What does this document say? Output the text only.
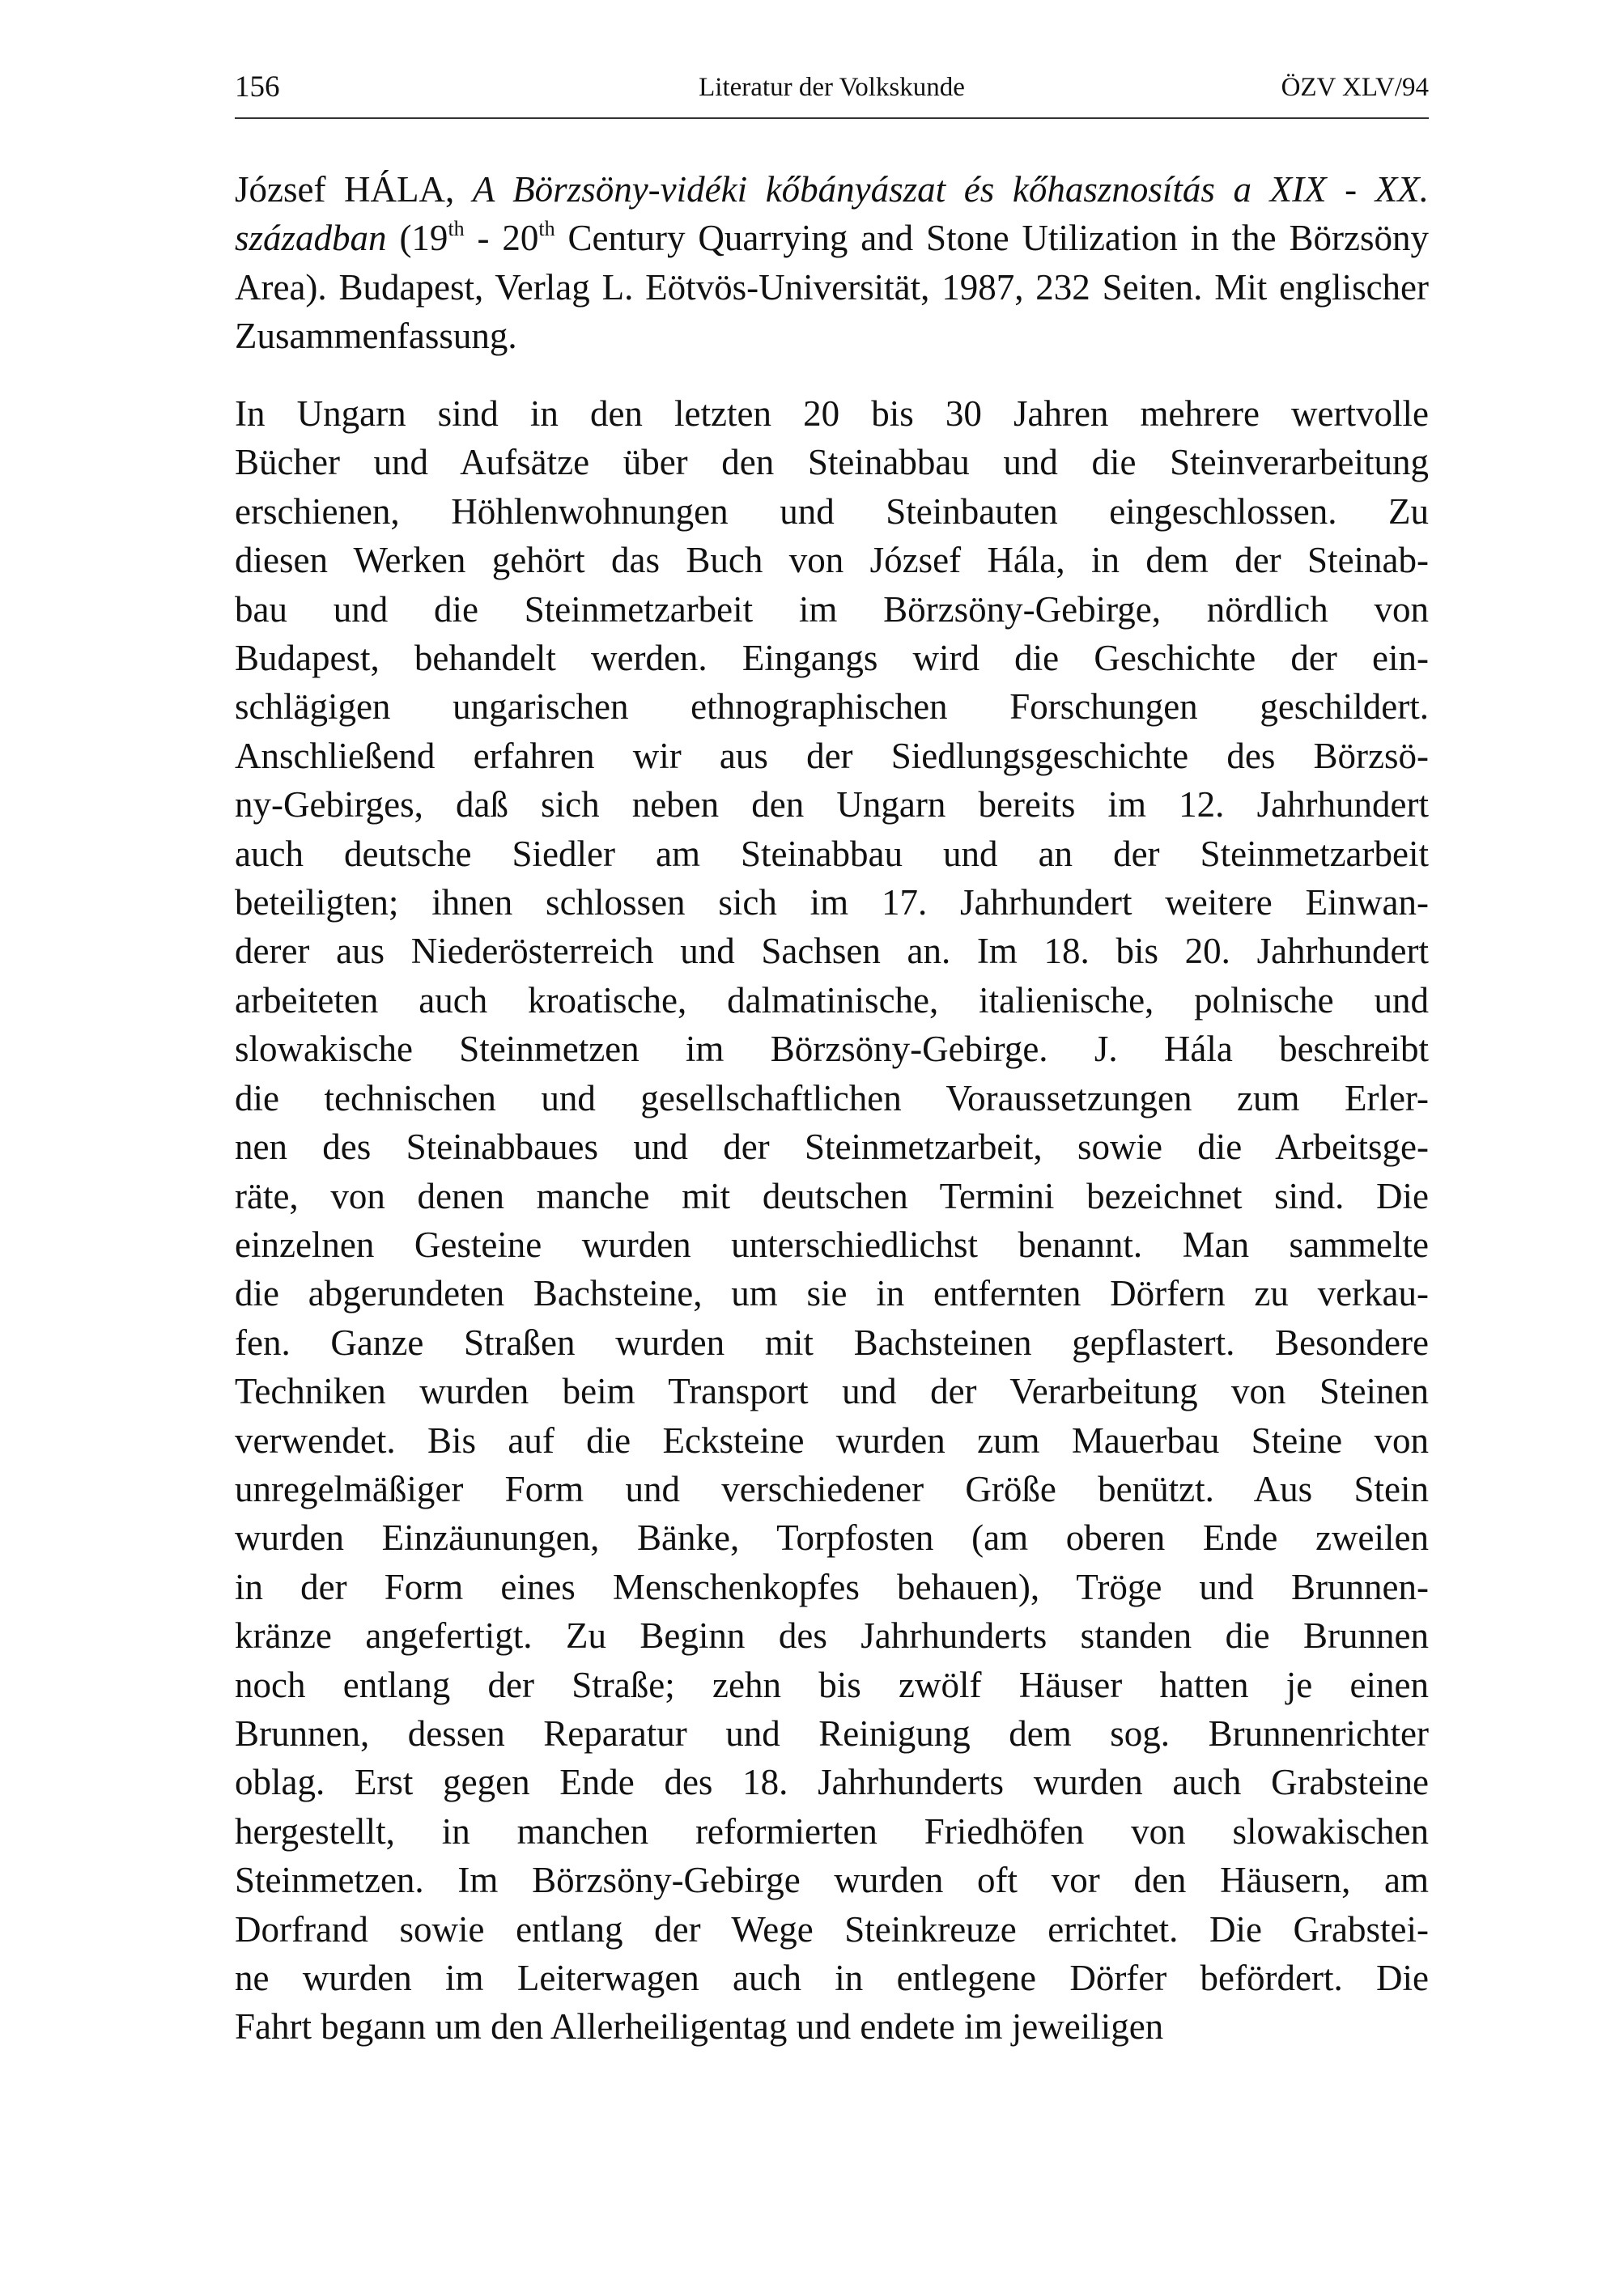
156	Literatur der Volkskunde	ÖZV XLV/94
József HÁLA, A Börzsöny-vidéki kőbányászat és kőhasznosítás a XIX - XX. században (19th - 20th Century Quarrying and Stone Utilization in the Börzsöny Area). Budapest, Verlag L. Eötvös-Universität, 1987, 232 Seiten. Mit englischer Zusammenfassung.
In Ungarn sind in den letzten 20 bis 30 Jahren mehrere wertvolle
Bücher und Aufsätze über den Steinabbau und die Steinverarbeitung
erschienen, Höhlenwohnungen und Steinbauten eingeschlossen. Zu
diesen Werken gehört das Buch von József Hála, in dem der Steinab-
bau und die Steinmetzarbeit im Börzsöny-Gebirge, nördlich von
Budapest, behandelt werden. Eingangs wird die Geschichte der ein-
schlägigen ungarischen ethnographischen Forschungen geschildert.
Anschließend erfahren wir aus der Siedlungsgeschichte des Börzsö-
ny-Gebirges, daß sich neben den Ungarn bereits im 12. Jahrhundert
auch deutsche Siedler am Steinabbau und an der Steinmetzarbeit
beteiligten; ihnen schlossen sich im 17. Jahrhundert weitere Einwan-
derer aus Niederösterreich und Sachsen an. Im 18. bis 20. Jahrhundert
arbeiteten auch kroatische, dalmatinische, italienische, polnische und
slowakische Steinmetzen im Börzsöny-Gebirge. J. Hála beschreibt
die technischen und gesellschaftlichen Voraussetzungen zum Erler-
nen des Steinabbaues und der Steinmetzarbeit, sowie die Arbeitsge-
räte, von denen manche mit deutschen Termini bezeichnet sind. Die
einzelnen Gesteine wurden unterschiedlichst benannt. Man sammelte
die abgerundeten Bachsteine, um sie in entfernten Dörfern zu verkau-
fen. Ganze Straßen wurden mit Bachsteinen gepflastert. Besondere
Techniken wurden beim Transport und der Verarbeitung von Steinen
verwendet. Bis auf die Ecksteine wurden zum Mauerbau Steine von
unregelmäßiger Form und verschiedener Größe benützt. Aus Stein
wurden Einzäunungen, Bänke, Torpfosten (am oberen Ende zweilen
in der Form eines Menschenkopfes behauen), Tröge und Brunnen-
kränze angefertigt. Zu Beginn des Jahrhunderts standen die Brunnen
noch entlang der Straße; zehn bis zwölf Häuser hatten je einen
Brunnen, dessen Reparatur und Reinigung dem sog. Brunnenrichter
oblag. Erst gegen Ende des 18. Jahrhunderts wurden auch Grabsteine
hergestellt, in manchen reformierten Friedhöfen von slowakischen
Steinmetzen. Im Börzsöny-Gebirge wurden oft vor den Häusern, am
Dorfrand sowie entlang der Wege Steinkreuze errichtet. Die Grabstei-
ne wurden im Leiterwagen auch in entlegene Dörfer befördert. Die
Fahrt begann um den Allerheiligentag und endete im jeweiligen
